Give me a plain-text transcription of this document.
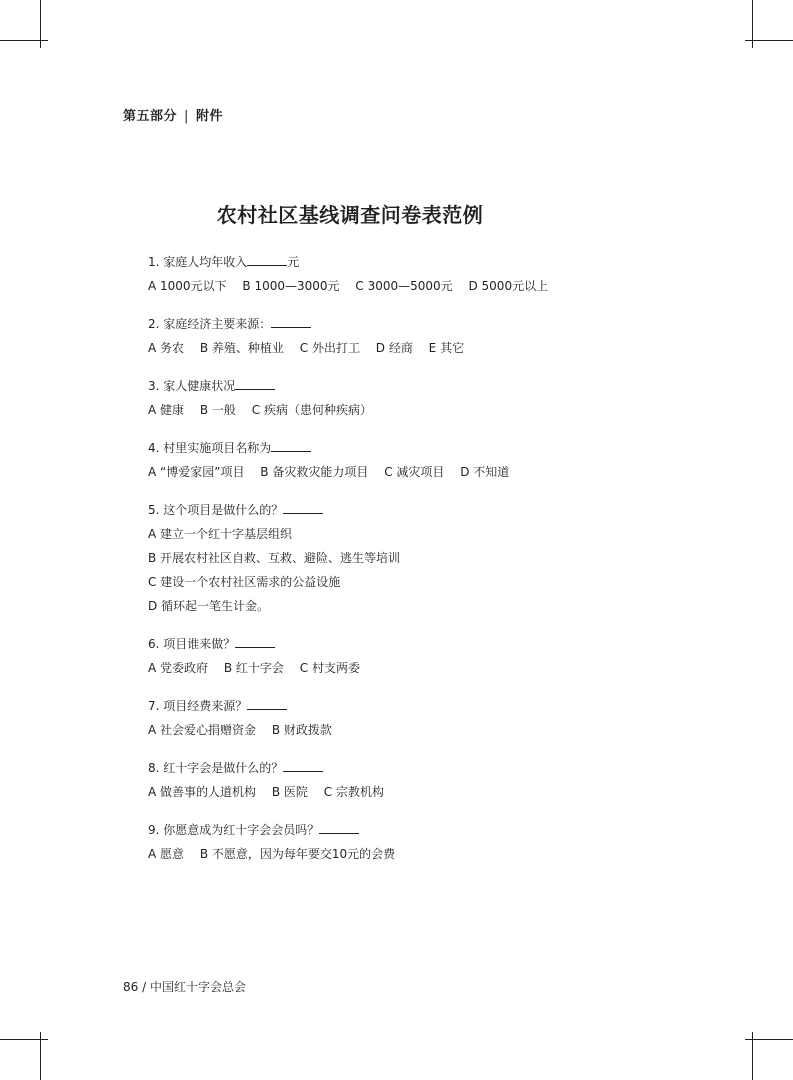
第五部分 | 附件
农村社区基线调查问卷表范例
1. 家庭人均年收入	元
A 1000元以下 B 1000—3000元 C 3000—5000元 D 5000元以上
2. 家庭经济主要来源：
A 务农 B 养殖、种植业 C 外出打工 D 经商 E 其它
3. 家人健康状况
A 健康 B 一般 C 疾病（患何种疾病）
4. 村里实施项目名称为
A “博爱家园”项目 B 备灾救灾能力项目 C 减灾项目 D 不知道
5. 这个项目是做什么的？
A 建立一个红十字基层组织
B 开展农村社区自救、互救、避险、逃生等培训
C 建设一个农村社区需求的公益设施
D 循环起一笔生计金。
6. 项目谁来做？
A 党委政府 B 红十字会 C 村支两委
7. 项目经费来源？
A 社会爱心捐赠资金 B 财政拨款
8. 红十字会是做什么的？
A 做善事的人道机构 B 医院 C 宗教机构
9. 你愿意成为红十字会会员吗？
A 愿意 B 不愿意，因为每年要交10元的会费
86 / 中国红十字会总会
